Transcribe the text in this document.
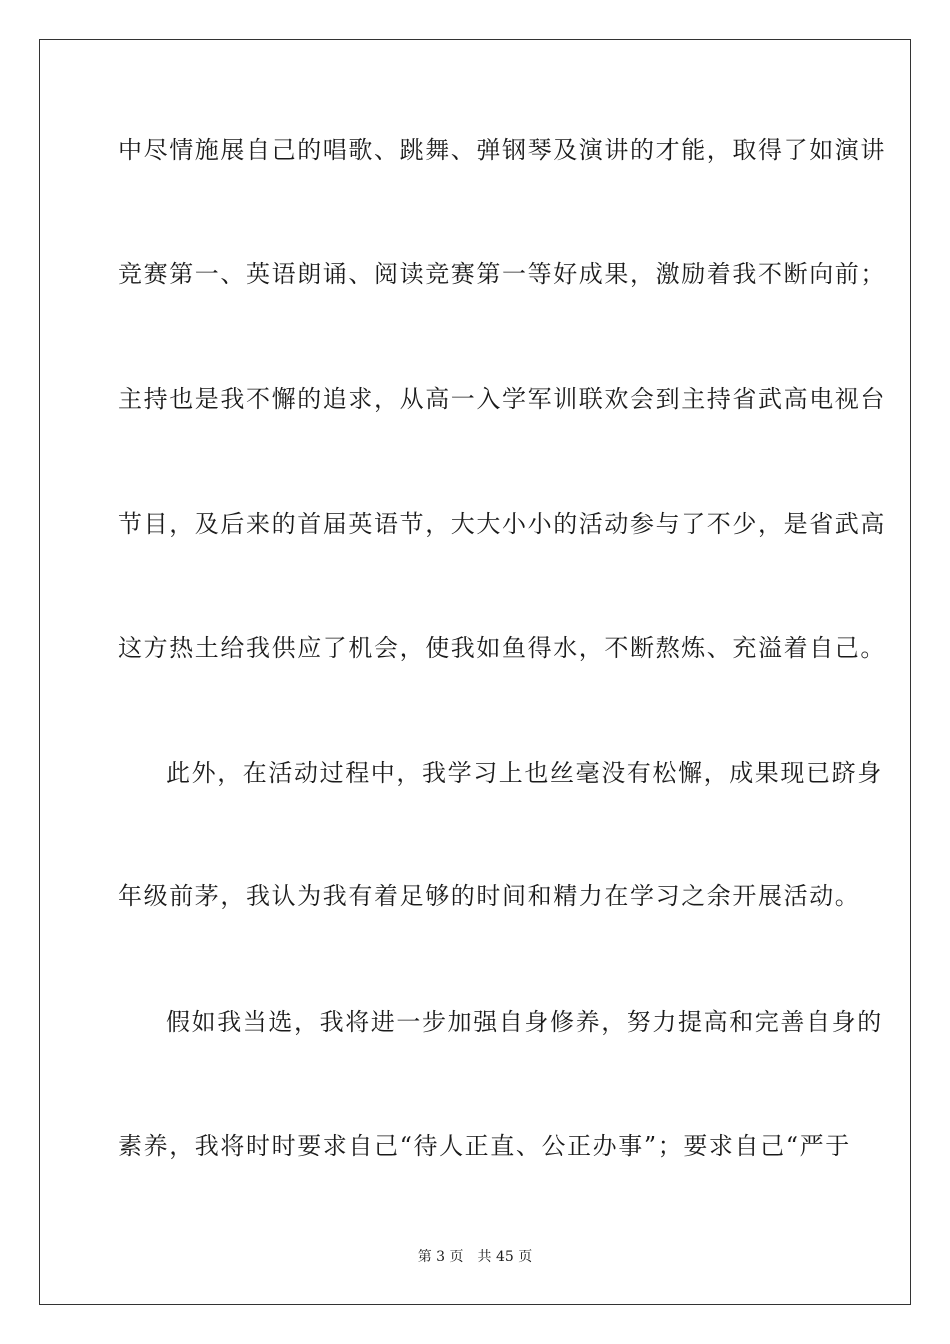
中尽情施展自己的唱歌、跳舞、弹钢琴及演讲的才能，取得了如演讲
竞赛第一、英语朗诵、阅读竞赛第一等好成果，激励着我不断向前；
主持也是我不懈的追求，从高一入学军训联欢会到主持省武高电视台
节目，及后来的首届英语节，大大小小的活动参与了不少，是省武高
这方热土给我供应了机会，使我如鱼得水，不断熬炼、充溢着自己。
此外，在活动过程中，我学习上也丝毫没有松懈，成果现已跻身
年级前茅，我认为我有着足够的时间和精力在学习之余开展活动。
假如我当选，我将进一步加强自身修养，努力提高和完善自身的
素养，我将时时要求自己“待人正直、公正办事”；要求自己“严于
第 3 页 共 45 页
